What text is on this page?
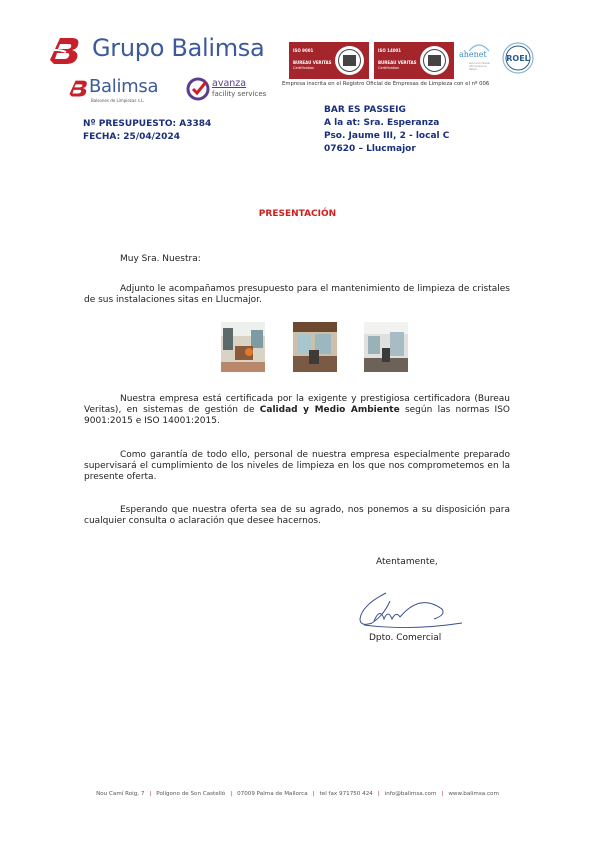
Grupo Balimsa
Balimsa
Balsones de Limpiezas s.L.
avanza
facility services
ISO 9001
BUREAU VERITAS
Certification
ISO 14001
BUREAU VERITAS
Certification
ahenet
Asociación Balear d'Empresas de Neteja
ROEL
Empresa inscrita en el Registro Oficial de Empresas de Limpieza con el nº 006
BAR ES PASSEIG
A la at: Sra. Esperanza
Pso. Jaume III, 2 - local C
07620 – Llucmajor
Nº PRESUPUESTO: A3384
FECHA: 25/04/2024
PRESENTACIÓN
Muy Sra. Nuestra:
Adjunto le acompañamos presupuesto para el mantenimiento de limpieza de cristales de sus instalaciones sitas en Llucmajor.
Nuestra empresa está certificada por la exigente y prestigiosa certificadora (Bureau Veritas), en sistemas de gestión de Calidad y Medio Ambiente según las normas ISO 9001:2015 e ISO 14001:2015.
Como garantía de todo ello, personal de nuestra empresa especialmente preparado supervisará el cumplimiento de los niveles de limpieza en los que nos comprometemos en la presente oferta.
Esperando que nuestra oferta sea de su agrado, nos ponemos a su disposición para cualquier consulta o aclaración que desee hacernos.
Atentamente,
Dpto. Comercial
Nou Camí Roig, 7 | Polígono de Son Castelló | 07009 Palma de Mallorca | tel fax 971750 424 | info@balimsa.com | www.balimsa.com
